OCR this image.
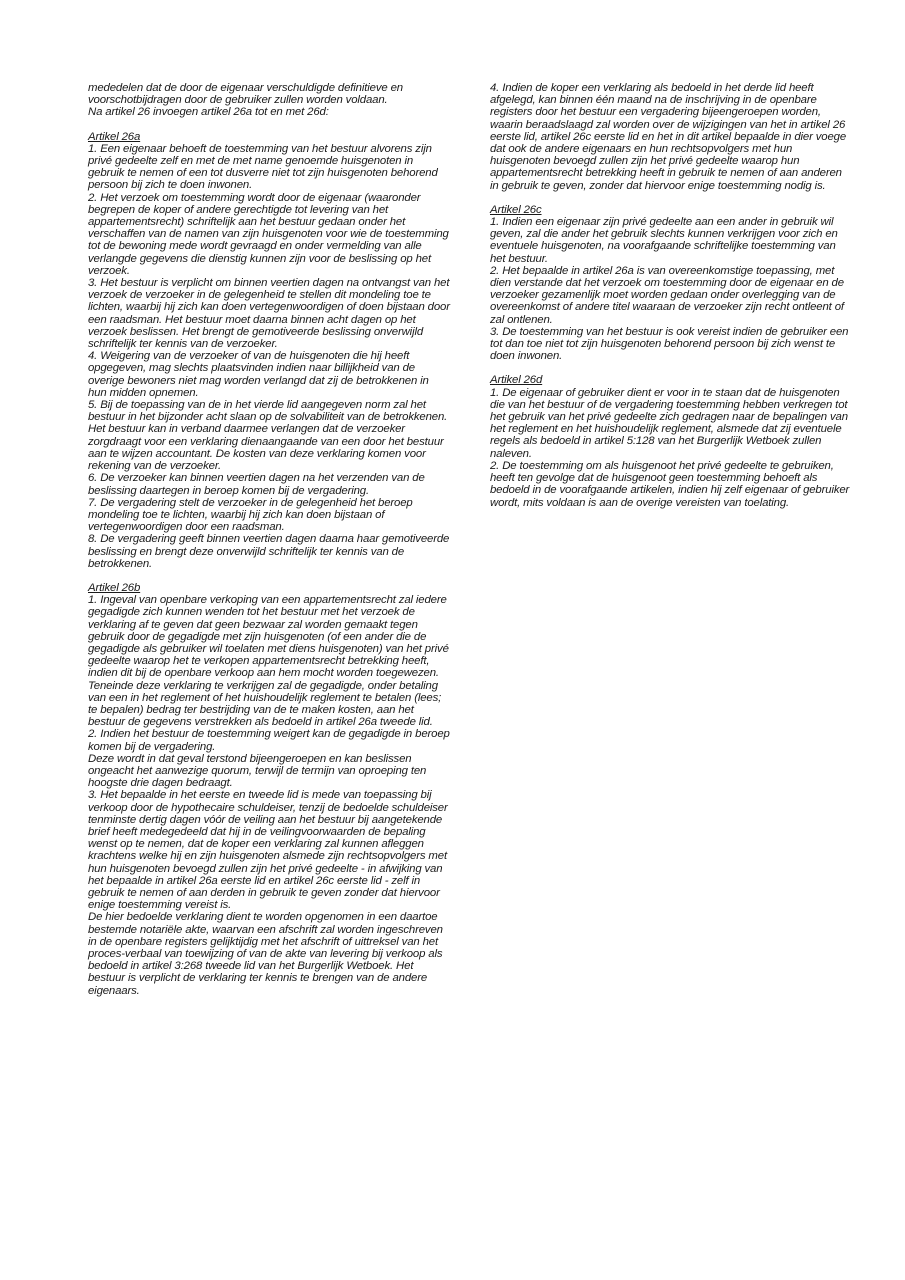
mededelen dat de door de eigenaar verschuldigde definitieve en voorschotbijdragen door de gebruiker zullen worden voldaan.

Na artikel 26 invoegen artikel 26a tot en met 26d:

Artikel 26a

1. Een eigenaar behoeft de toestemming van het bestuur alvorens zijn privé gedeelte zelf en met de met name genoemde huisgenoten in gebruik te nemen of een tot dusverre niet tot zijn huisgenoten behorend persoon bij zich te doen inwonen.

2. Het verzoek om toestemming wordt door de eigenaar (waaronder begrepen de koper of andere gerechtigde tot levering van het appartementsrecht) schriftelijk aan het bestuur gedaan onder het verschaffen van de namen van zijn huisgenoten voor wie de toestemming tot de bewoning mede wordt gevraagd en onder vermelding van alle verlangde gegevens die dienstig kunnen zijn voor de beslissing op het verzoek.

3. Het bestuur is verplicht om binnen veertien dagen na ontvangst van het verzoek de verzoeker in de gelegenheid te stellen dit mondeling toe te lichten, waarbij hij zich kan doen vertegenwoordigen of doen bijstaan door een raadsman. Het bestuur moet daarna binnen acht dagen op het verzoek beslissen. Het brengt de gemotiveerde beslissing onverwijld schriftelijk ter kennis van de verzoeker.

4. Weigering van de verzoeker of van de huisgenoten die hij heeft opgegeven, mag slechts plaatsvinden indien naar billijkheid van de overige bewoners niet mag worden verlangd dat zij de betrokkenen in hun midden opnemen.

5. Bij de toepassing van de in het vierde lid aangegeven norm zal het bestuur in het bijzonder acht slaan op de solvabiliteit van de betrokkenen. Het bestuur kan in verband daarmee verlangen dat de verzoeker zorgdraagt voor een verklaring dienaangaande van een door het bestuur aan te wijzen accountant. De kosten van deze verklaring komen voor rekening van de verzoeker.

6. De verzoeker kan binnen veertien dagen na het verzenden van de beslissing daartegen in beroep komen bij de vergadering.

7. De vergadering stelt de verzoeker in de gelegenheid het beroep mondeling toe te lichten, waarbij hij zich kan doen bijstaan of vertegenwoordigen door een raadsman.

8. De vergadering geeft binnen veertien dagen daarna haar gemotiveerde beslissing en brengt deze onverwijld schriftelijk ter kennis van de betrokkenen.

Artikel 26b

1. Ingeval van openbare verkoping van een appartementsrecht zal iedere gegadigde zich kunnen wenden tot het bestuur met het verzoek de verklaring af te geven dat geen bezwaar zal worden gemaakt tegen gebruik door de gegadigde met zijn huisgenoten (of een ander die de gegadigde als gebruiker wil toelaten met diens huisgenoten) van het privé gedeelte waarop het te verkopen appartementsrecht betrekking heeft, indien dit bij de openbare verkoop aan hem mocht worden toegewezen.

Teneinde deze verklaring te verkrijgen zal de gegadigde, onder betaling van een in het reglement of het huishoudelijk reglement te betalen (lees; te bepalen) bedrag ter bestrijding van de te maken kosten, aan het bestuur de gegevens verstrekken als bedoeld in artikel 26a tweede lid.

2. Indien het bestuur de toestemming weigert kan de gegadigde in beroep komen bij de vergadering.

Deze wordt in dat geval terstond bijeengeroepen en kan beslissen ongeacht het aanwezige quorum, terwijl de termijn van oproeping ten hoogste drie dagen bedraagt.

3. Het bepaalde in het eerste en tweede lid is mede van toepassing bij verkoop door de hypothecaire schuldeiser, tenzij de bedoelde schuldeiser tenminste dertig dagen vóór de veiling aan het bestuur bij aangetekende brief heeft medegedeeld dat hij in de veilingvoorwaarden de bepaling wenst op te nemen, dat de koper een verklaring zal kunnen afleggen krachtens welke hij en zijn huisgenoten alsmede zijn rechtsopvolgers met hun huisgenoten bevoegd zullen zijn het privé gedeelte - in afwijking van het bepaalde in artikel 26a eerste lid en artikel 26c eerste lid - zelf in gebruik te nemen of aan derden in gebruik te geven zonder dat hiervoor enige toestemming vereist is.

De hier bedoelde verklaring dient te worden opgenomen in een daartoe bestemde notariële akte, waarvan een afschrift zal worden ingeschreven in de openbare registers gelijktijdig met het afschrift of uittreksel van het proces-verbaal van toewijzing of van de akte van levering bij verkoop als bedoeld in artikel 3:268 tweede lid van het Burgerlijk Wetboek. Het bestuur is verplicht de verklaring ter kennis te brengen van de andere eigenaars.

4. Indien de koper een verklaring als bedoeld in het derde lid heeft afgelegd, kan binnen één maand na de inschrijving in de openbare registers door het bestuur een vergadering bijeengeroepen worden, waarin beraadslaagd zal worden over de wijzigingen van het in artikel 26 eerste lid, artikel 26c eerste lid en het in dit artikel bepaalde in dier voege dat ook de andere eigenaars en hun rechtsopvolgers met hun huisgenoten bevoegd zullen zijn het privé gedeelte waarop hun appartementsrecht betrekking heeft in gebruik te nemen of aan anderen in gebruik te geven, zonder dat hiervoor enige toestemming nodig is.

Artikel 26c

1. Indien een eigenaar zijn privé gedeelte aan een ander in gebruik wil geven, zal die ander het gebruik slechts kunnen verkrijgen voor zich en eventuele huisgenoten, na voorafgaande schriftelijke toestemming van het bestuur.

2. Het bepaalde in artikel 26a is van overeenkomstige toepassing, met dien verstande dat het verzoek om toestemming door de eigenaar en de verzoeker gezamenlijk moet worden gedaan onder overlegging van de overeenkomst of andere titel waaraan de verzoeker zijn recht ontleent of zal ontlenen.

3. De toestemming van het bestuur is ook vereist indien de gebruiker een tot dan toe niet tot zijn huisgenoten behorend persoon bij zich wenst te doen inwonen.

Artikel 26d

1. De eigenaar of gebruiker dient er voor in te staan dat de huisgenoten die van het bestuur of de vergadering toestemming hebben verkregen tot het gebruik van het privé gedeelte zich gedragen naar de bepalingen van het reglement en het huishoudelijk reglement, alsmede dat zij eventuele regels als bedoeld in artikel 5:128 van het Burgerlijk Wetboek zullen naleven.

2. De toestemming om als huisgenoot het privé gedeelte te gebruiken, heeft ten gevolge dat de huisgenoot geen toestemming behoeft als bedoeld in de voorafgaande artikelen, indien hij zelf eigenaar of gebruiker wordt, mits voldaan is aan de overige vereisten van toelating.
